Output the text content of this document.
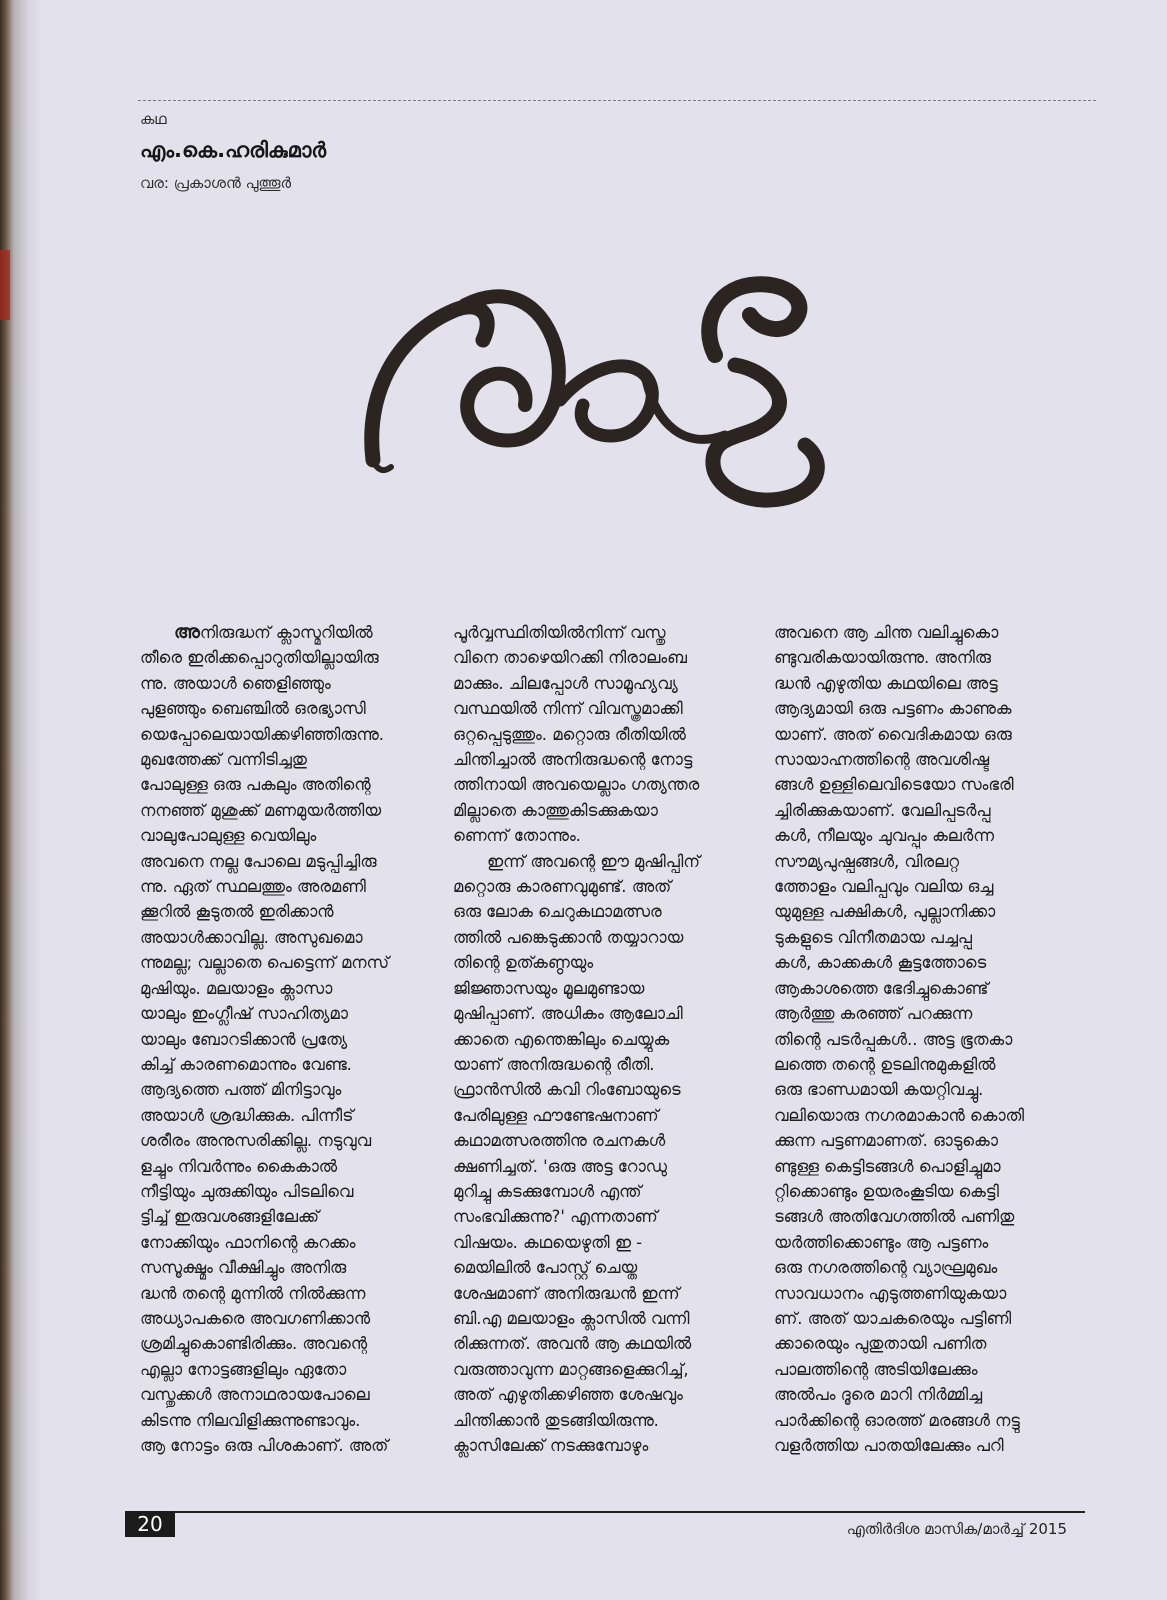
കഥ
എം.കെ.ഹരികുമാർ
വര: പ്രകാശൻ പുത്തൂർ
അനിരുദ്ധന് ക്ലാസ്മുറിയിൽ
തീരെ ഇരിക്കപ്പൊറുതിയില്ലായിരു
ന്നു. അയാൾ ഞെളിഞ്ഞും
പുളഞ്ഞും ബെഞ്ചിൽ ഒരഭ്യാസി
യെപ്പോലെയായിക്കഴിഞ്ഞിരുന്നു.
മുഖത്തേക്ക് വന്നിടിച്ചതു
പോലുള്ള ഒരു പകലും അതിന്റെ
നനഞ്ഞ് മുശുക്ക് മണമുയർത്തിയ
വാലുപോലുള്ള വെയിലും
അവനെ നല്ല പോലെ മടുപ്പിച്ചിരു
ന്നു. ഏത് സ്ഥലത്തും അരമണി
ക്കൂറിൽ കൂടുതൽ ഇരിക്കാൻ
അയാൾക്കാവില്ല. അസുഖമൊ
ന്നുമല്ല; വല്ലാതെ പെട്ടെന്ന് മനസ്
മുഷിയും. മലയാളം ക്ലാസാ
യാലും ഇംഗ്ലീഷ് സാഹിത്യമാ
യാലും ബോറടിക്കാൻ പ്രത്യേ
കിച്ച് കാരണമൊന്നും വേണ്ട.
ആദ്യത്തെ പത്ത് മിനിട്ടാവും
അയാൾ ശ്രദ്ധിക്കുക. പിന്നീട്
ശരീരം അനുസരിക്കില്ല. നടുവുവ
ളച്ചും നിവർന്നും കൈകാൽ
നീട്ടിയും ചുരുക്കിയും പിടലിവെ
ട്ടിച്ച് ഇരുവശങ്ങളിലേക്ക്
നോക്കിയും ഫാനിന്റെ കറക്കം
സസൂക്ഷ്മം വീക്ഷിച്ചും അനിരു
ദ്ധൻ തന്റെ മുന്നിൽ നിൽക്കുന്ന
അധ്യാപകരെ അവഗണിക്കാൻ
ശ്രമിച്ചുകൊണ്ടിരിക്കും. അവന്റെ
എല്ലാ നോട്ടങ്ങളിലും ഏതോ
വസ്തുക്കൾ അനാഥരായപോലെ
കിടന്നു നിലവിളിക്കുന്നുണ്ടാവും.
ആ നോട്ടം ഒരു പിശകാണ്. അത്
പൂർവ്വസ്ഥിതിയിൽനിന്ന് വസ്തു
വിനെ താഴെയിറക്കി നിരാലംബ
മാക്കും. ചിലപ്പോൾ സാമൂഹ്യവ്യ
വസ്ഥയിൽ നിന്ന് വിവസ്ത്രമാക്കി
ഒറ്റപ്പെടുത്തും. മറ്റൊരു രീതിയിൽ
ചിന്തിച്ചാൽ അനിരുദ്ധന്റെ നോട്ട
ത്തിനായി അവയെല്ലാം ഗത്യന്തര
മില്ലാതെ കാത്തുകിടക്കുകയാ
ണെന്ന് തോന്നും.
ഇന്ന് അവന്റെ ഈ മുഷിപ്പിന്
മറ്റൊരു കാരണവുമുണ്ട്. അത്
ഒരു ലോക ചെറുകഥാമത്സര
ത്തിൽ പങ്കെടുക്കാൻ തയ്യാറായ
തിന്റെ ഉത്കണ്ഠയും
ജിജ്ഞാസയും മൂലമുണ്ടായ
മുഷിപ്പാണ്. അധികം ആലോചി
ക്കാതെ എന്തെങ്കിലും ചെയ്യുക
യാണ് അനിരുദ്ധന്റെ രീതി.
ഫ്രാൻസിൽ കവി റിംബോയുടെ
പേരിലുള്ള ഫൗണ്ടേഷനാണ്
കഥാമത്സരത്തിനു രചനകൾ
ക്ഷണിച്ചത്. 'ഒരു അട്ട റോഡു
മുറിച്ചു കടക്കുമ്പോൾ എന്ത്
സംഭവിക്കുന്നു?' എന്നതാണ്
വിഷയം. കഥയെഴുതി ഇ -
മെയിലിൽ പോസ്റ്റ് ചെയ്ത
ശേഷമാണ് അനിരുദ്ധൻ ഇന്ന്
ബി.എ മലയാളം ക്ലാസിൽ വന്നി
രിക്കുന്നത്. അവൻ ആ കഥയിൽ
വരുത്താവുന്ന മാറ്റങ്ങളെക്കുറിച്ച്,
അത് എഴുതിക്കഴിഞ്ഞ ശേഷവും
ചിന്തിക്കാൻ തുടങ്ങിയിരുന്നു.
ക്ലാസിലേക്ക് നടക്കുമ്പോഴും
അവനെ ആ ചിന്ത വലിച്ചുകൊ
ണ്ടുവരികയായിരുന്നു. അനിരു
ദ്ധൻ എഴുതിയ കഥയിലെ അട്ട
ആദ്യമായി ഒരു പട്ടണം കാണുക
യാണ്. അത് വൈദികമായ ഒരു
സായാഹ്നത്തിന്റെ അവശിഷ്ട
ങ്ങൾ ഉള്ളിലെവിടെയോ സംഭരി
ച്ചിരിക്കുകയാണ്. വേലിപ്പടർപ്പു
കൾ, നീലയും ചുവപ്പും കലർന്ന
സൗമ്യപുഷ്പങ്ങൾ, വിരലറ്റ
ത്തോളം വലിപ്പവും വലിയ ഒച്ച
യുമുള്ള പക്ഷികൾ, പുല്ലാനിക്കാ
ടുകളുടെ വിനീതമായ പച്ചപ്പു
കൾ, കാക്കകൾ കൂട്ടത്തോടെ
ആകാശത്തെ ഭേദിച്ചുകൊണ്ട്
ആർത്തു കരഞ്ഞ് പറക്കുന്ന
തിന്റെ പടർപ്പുകൾ.. അട്ട ഭൂതകാ
ലത്തെ തന്റെ ഉടലിനുമുകളിൽ
ഒരു ഭാണ്ഡമായി കയറ്റിവച്ചു.
വലിയൊരു നഗരമാകാൻ കൊതി
ക്കുന്ന പട്ടണമാണത്. ഓടുകൊ
ണ്ടുള്ള കെട്ടിടങ്ങൾ പൊളിച്ചുമാ
റ്റിക്കൊണ്ടും ഉയരംകൂടിയ കെട്ടി
ടങ്ങൾ അതിവേഗത്തിൽ പണിതു
യർത്തിക്കൊണ്ടും ആ പട്ടണം
ഒരു നഗരത്തിന്റെ വ്യാഘ്രമുഖം
സാവധാനം എടുത്തണിയുകയാ
ണ്. അത് യാചകരെയും പട്ടിണി
ക്കാരെയും പുതുതായി പണിത
പാലത്തിന്റെ അടിയിലേക്കും
അൽപം ദൂരെ മാറി നിർമ്മിച്ച
പാർക്കിന്റെ ഓരത്ത് മരങ്ങൾ നട്ടു
വളർത്തിയ പാതയിലേക്കും പറി
20	എതിർദിശ മാസിക/മാർച്ച് 2015
